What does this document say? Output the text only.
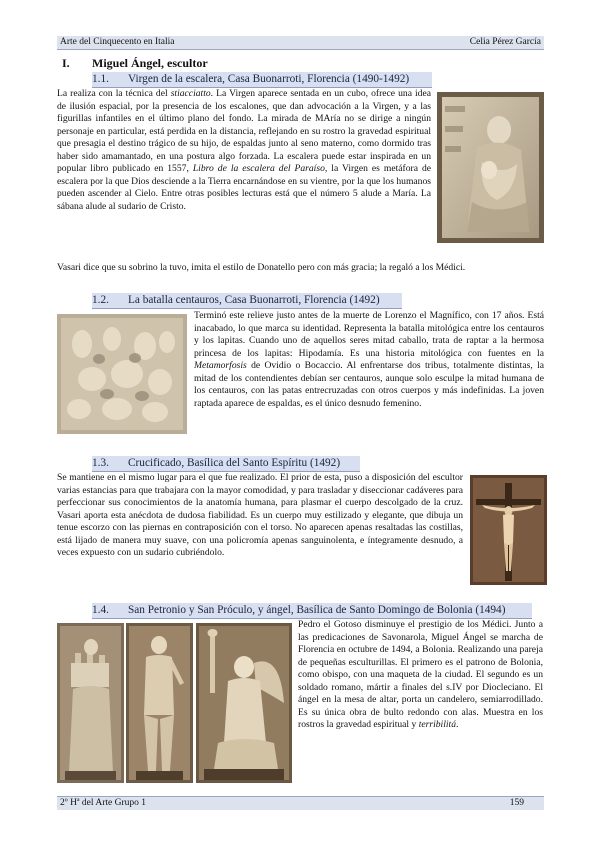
Arte del Cinquecento en Italia	Celia Pérez García
I. Miguel Ángel, escultor
1.1. Virgen de la escalera, Casa Buonarroti, Florencia (1490-1492)

La realiza con la técnica del stiacciatto. La Virgen aparece sentada en un cubo, ofrece una idea de ilusión espacial, por la presencia de los escalones, que dan advocación a la Virgen, y a las figurillas infantiles en el último plano del fondo. La mirada de MAría no se dirige a ningún personaje en particular, está perdida en la distancia, reflejando en su rostro la gravedad espiritual que presagia el destino trágico de su hijo, de espaldas junto al seno materno, como dormido tras haber sido amamantado, en una postura algo forzada. La escalera puede estar inspirada en un popular libro publicado en 1557, Libro de la escalera del Paraíso, la Virgen es metáfora de escalera por la que Dios desciende a la Tierra encarnándose en su vientre, por la que los humanos pueden ascender al Cielo. Entre otras posibles lecturas está que el número 5 alude a María. La sábana alude al sudario de Cristo.

Vasari dice que su sobrino la tuvo, imita el estilo de Donatello pero con más gracia; la regaló a los Médici.

1.2. La batalla centauros, Casa Buonarroti, Florencia (1492)

Terminó este relieve justo antes de la muerte de Lorenzo el Magnífico, con 17 años. Está inacabado, lo que marca su identidad. Representa la batalla mitológica entre los centauros y los lapitas. Cuando uno de aquellos seres mitad caballo, trata de raptar a la hermosa princesa de los lapitas: Hipodamía. Es una historia mitológica con fuentes en la Metamorfosis de Ovidio o Bocaccio. Al enfrentarse dos tribus, totalmente distintas, la mitad de los contendientes debían ser centauros, aunque solo esculpe la mitad humana de los centauros, con las patas entrecruzadas con otros cuerpos y más indefinidas. La joven raptada aparece de espaldas, es el único desnudo femenino.

1.3. Crucificado, Basílica del Santo Espíritu (1492)

Se mantiene en el mismo lugar para el que fue realizado. El prior de esta, puso a disposición del escultor varias estancias para que trabajara con la mayor comodidad, y para trasladar y diseccionar cadáveres para perfeccionar sus conocimientos de la anatomía humana, para plasmar el cuerpo descolgado de la cruz. Vasari aporta esta anécdota de dudosa fiabilidad. Es un cuerpo muy estilizado y elegante, que dibuja un tenue escorzo con las piernas en contraposición con el torso. No aparecen apenas resaltadas las costillas, está lijado de manera muy suave, con una policromía apenas sanguinolenta, e íntegramente desnudo, a veces expuesto con un sudario cubriéndolo.

1.4. San Petronio y San Próculo, y ángel, Basílica de Santo Domingo de Bolonia (1494)

Pedro el Gotoso disminuye el prestigio de los Médici. Junto a las predicaciones de Savonarola, Miguel Ángel se marcha de Florencia en octubre de 1494, a Bolonia. Realizando una pareja de pequeñas esculturillas. El primero es el patrono de Bolonia, como obispo, con una maqueta de la ciudad. El segundo es un soldado romano, mártir a finales del s.IV por Diocleciano. El ángel en la mesa de altar, porta un candelero, semiarrodillado. Es su única obra de bulto redondo con alas. Muestra en los rostros la gravedad espiritual y terribilitá.

2º Hª del Arte Grupo 1	159
